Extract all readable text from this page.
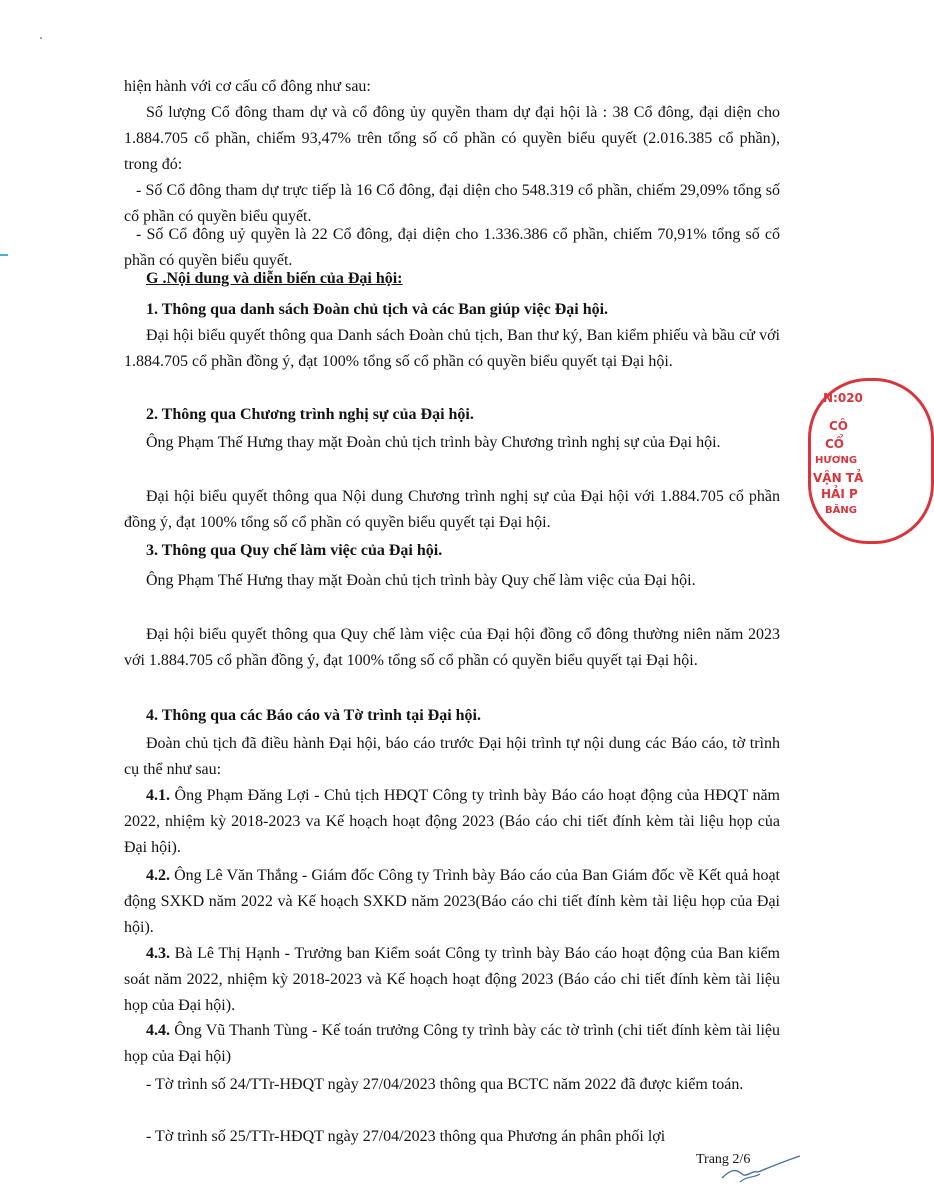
hiện hành với cơ cấu cổ đông như sau:

Số lượng Cổ đông tham dự và cổ đông ủy quyền tham dự đại hội là : 38 Cổ đông, đại diện cho 1.884.705 cổ phần, chiếm 93,47% trên tổng số cổ phần có quyền biểu quyết (2.016.385 cổ phần), trong đó:

- Số Cổ đông tham dự trực tiếp là 16 Cổ đông, đại diện cho 548.319 cổ phần, chiếm 29,09% tổng số cổ phần có quyền biểu quyết.

- Số Cổ đông uỷ quyền là 22 Cổ đông, đại diện cho 1.336.386 cổ phần, chiếm 70,91% tổng số cổ phần có quyền biểu quyết.

G .Nội dung và diễn biến của Đại hội:

1. Thông qua danh sách Đoàn chủ tịch và các Ban giúp việc Đại hội.

Đại hội biểu quyết thông qua Danh sách Đoàn chủ tịch, Ban thư ký, Ban kiểm phiếu và bầu cử với 1.884.705 cổ phần đồng ý, đạt 100% tổng số cổ phần có quyền biểu quyết tại Đại hội.

2. Thông qua Chương trình nghị sự của Đại hội.

Ông Phạm Thế Hưng thay mặt Đoàn chủ tịch trình bày Chương trình nghị sự của Đại hội.

Đại hội biểu quyết thông qua Nội dung Chương trình nghị sự của Đại hội với 1.884.705 cổ phần đồng ý, đạt 100% tổng số cổ phần có quyền biểu quyết tại Đại hội.

3. Thông qua Quy chế làm việc của Đại hội.

Ông Phạm Thế Hưng thay mặt Đoàn chủ tịch trình bày Quy chế làm việc của Đại hội.

Đại hội biểu quyết thông qua Quy chế làm việc của Đại hội đồng cổ đông thường niên năm 2023 với 1.884.705 cổ phần đồng ý, đạt 100% tổng số cổ phần có quyền biểu quyết tại Đại hội.

4. Thông qua các Báo cáo và Tờ trình tại Đại hội.

Đoàn chủ tịch đã điều hành Đại hội, báo cáo trước Đại hội trình tự nội dung các Báo cáo, tờ trình cụ thể như sau:

4.1. Ông Phạm Đăng Lợi - Chủ tịch HĐQT Công ty trình bày Báo cáo hoạt động của HĐQT năm 2022, nhiệm kỳ 2018-2023 va Kế hoạch hoạt động 2023 (Báo cáo chi tiết đính kèm tài liệu họp của Đại hội).

4.2. Ông Lê Văn Thắng - Giám đốc Công ty Trình bày Báo cáo của Ban Giám đốc về Kết quả hoạt động SXKD năm 2022 và Kế hoạch SXKD năm 2023(Báo cáo chi tiết đính kèm tài liệu họp của Đại hội).

4.3. Bà Lê Thị Hạnh - Trưởng ban Kiểm soát Công ty trình bày Báo cáo hoạt động của Ban kiểm soát năm 2022, nhiệm kỳ 2018-2023 và Kế hoạch hoạt động 2023 (Báo cáo chi tiết đính kèm tài liệu họp của Đại hội).

4.4. Ông Vũ Thanh Tùng - Kế toán trưởng Công ty trình bày các tờ trình (chi tiết đính kèm tài liệu họp của Đại hội)

- Tờ trình số 24/TTr-HĐQT ngày 27/04/2023 thông qua BCTC năm 2022 đã được kiểm toán.

- Tờ trình số 25/TTr-HĐQT ngày 27/04/2023 thông qua Phương án phân phối lợi

N:020
CÔ
CỔ
HƯƠNG
VẬN TẢ
HẢI P
BĂNG
Trang 2/6
